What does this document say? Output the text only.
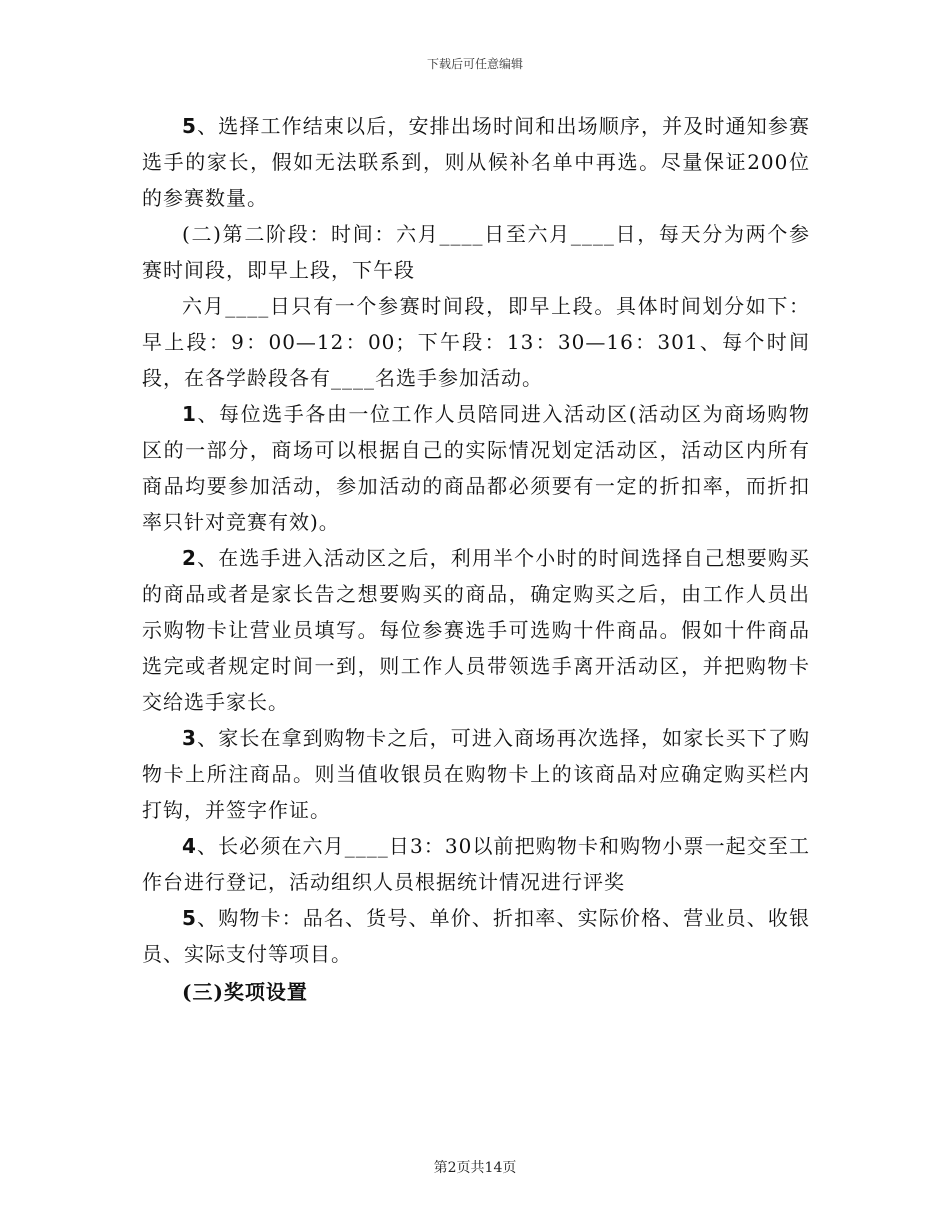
下载后可任意编辑

5、选择工作结束以后，安排出场时间和出场顺序，并及时通知参赛选手的家长，假如无法联系到，则从候补名单中再选。尽量保证200位的参赛数量。

(二)第二阶段：时间：六月____日至六月____日，每天分为两个参赛时间段，即早上段，下午段

六月____日只有一个参赛时间段，即早上段。具体时间划分如下：早上段：9：00—12：00；下午段：13：30—16：301、每个时间段，在各学龄段各有____名选手参加活动。

1、每位选手各由一位工作人员陪同进入活动区(活动区为商场购物区的一部分，商场可以根据自己的实际情况划定活动区，活动区内所有商品均要参加活动，参加活动的商品都必须要有一定的折扣率，而折扣率只针对竞赛有效)。

2、在选手进入活动区之后，利用半个小时的时间选择自己想要购买的商品或者是家长告之想要购买的商品，确定购买之后，由工作人员出示购物卡让营业员填写。每位参赛选手可选购十件商品。假如十件商品选完或者规定时间一到，则工作人员带领选手离开活动区，并把购物卡交给选手家长。

3、家长在拿到购物卡之后，可进入商场再次选择，如家长买下了购物卡上所注商品。则当值收银员在购物卡上的该商品对应确定购买栏内打钩，并签字作证。

4、长必须在六月____日3：30以前把购物卡和购物小票一起交至工作台进行登记，活动组织人员根据统计情况进行评奖

5、购物卡：品名、货号、单价、折扣率、实际价格、营业员、收银员、实际支付等项目。

(三)奖项设置

第2页共14页
